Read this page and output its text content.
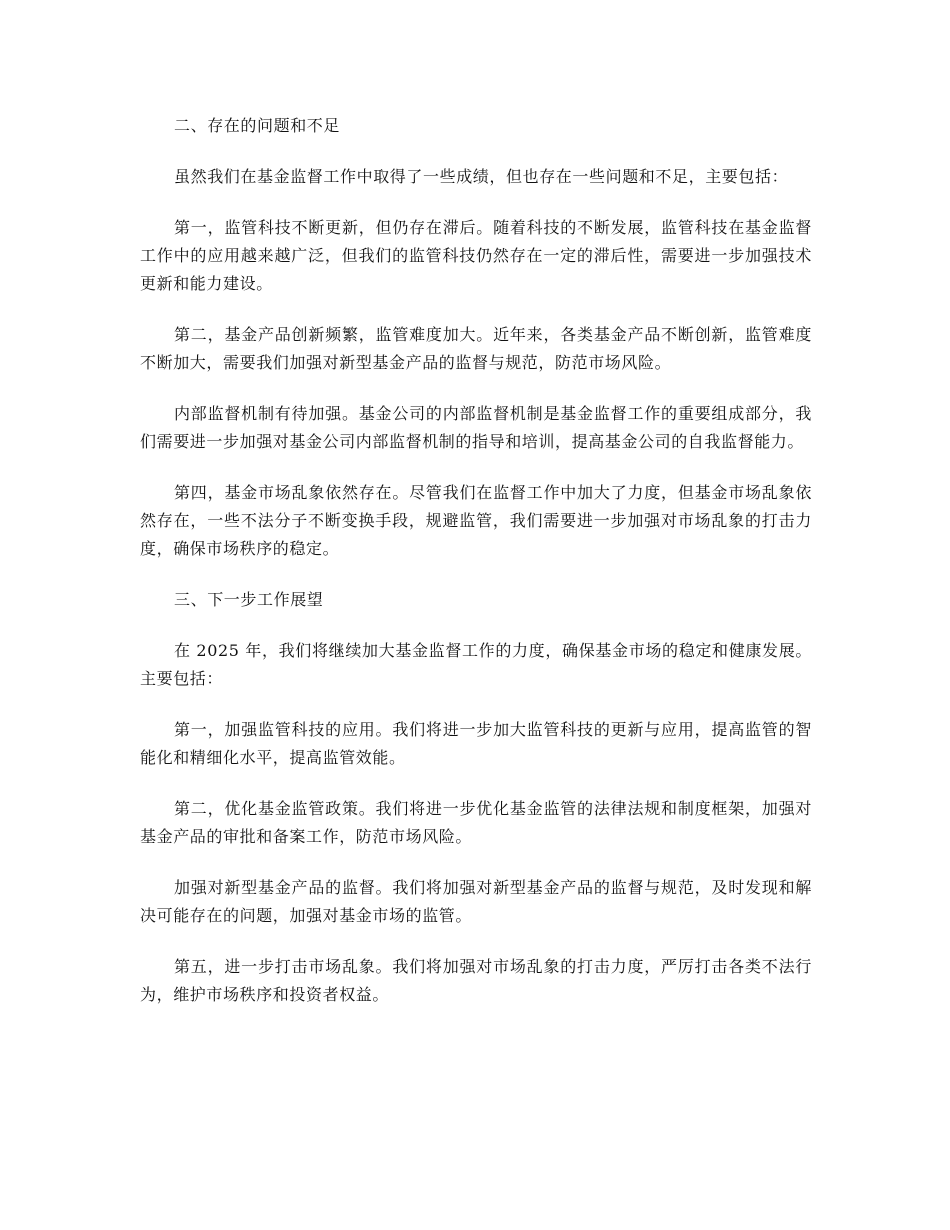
二、存在的问题和不足

虽然我们在基金监督工作中取得了一些成绩，但也存在一些问题和不足，主要包括：

第一，监管科技不断更新，但仍存在滞后。随着科技的不断发展，监管科技在基金监督工作中的应用越来越广泛，但我们的监管科技仍然存在一定的滞后性，需要进一步加强技术更新和能力建设。

第二，基金产品创新频繁，监管难度加大。近年来，各类基金产品不断创新，监管难度不断加大，需要我们加强对新型基金产品的监督与规范，防范市场风险。

内部监督机制有待加强。基金公司的内部监督机制是基金监督工作的重要组成部分，我们需要进一步加强对基金公司内部监督机制的指导和培训，提高基金公司的自我监督能力。

第四，基金市场乱象依然存在。尽管我们在监督工作中加大了力度，但基金市场乱象依然存在，一些不法分子不断变换手段，规避监管，我们需要进一步加强对市场乱象的打击力度，确保市场秩序的稳定。

三、下一步工作展望

在 2025 年，我们将继续加大基金监督工作的力度，确保基金市场的稳定和健康发展。主要包括：

第一，加强监管科技的应用。我们将进一步加大监管科技的更新与应用，提高监管的智能化和精细化水平，提高监管效能。

第二，优化基金监管政策。我们将进一步优化基金监管的法律法规和制度框架，加强对基金产品的审批和备案工作，防范市场风险。

加强对新型基金产品的监督。我们将加强对新型基金产品的监督与规范，及时发现和解决可能存在的问题，加强对基金市场的监管。

第五，进一步打击市场乱象。我们将加强对市场乱象的打击力度，严厉打击各类不法行为，维护市场秩序和投资者权益。
